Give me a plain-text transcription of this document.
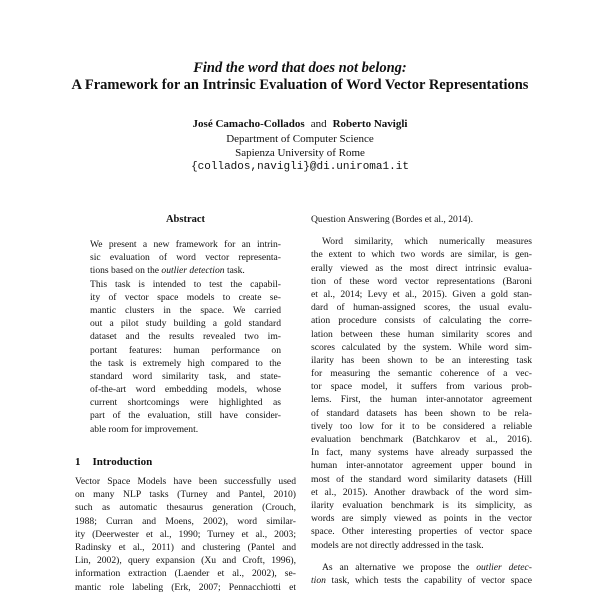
Find the word that does not belong:
A Framework for an Intrinsic Evaluation of Word Vector Representations
José Camacho-Collados and Roberto Navigli
Department of Computer Science
Sapienza University of Rome
{collados,navigli}@di.uniroma1.it
Abstract
We present a new framework for an intrin-
sic evaluation of word vector representa-
tions based on the outlier detection task.
This task is intended to test the capabil-
ity of vector space models to create se-
mantic clusters in the space. We carried
out a pilot study building a gold standard
dataset and the results revealed two im-
portant features: human performance on
the task is extremely high compared to the
standard word similarity task, and state-
of-the-art word embedding models, whose
current shortcomings were highlighted as
part of the evaluation, still have consider-
able room for improvement.
1 Introduction
Vector Space Models have been successfully used
on many NLP tasks (Turney and Pantel, 2010)
such as automatic thesaurus generation (Crouch,
1988; Curran and Moens, 2002), word similar-
ity (Deerwester et al., 1990; Turney et al., 2003;
Radinsky et al., 2011) and clustering (Pantel and
Lin, 2002), query expansion (Xu and Croft, 1996),
information extraction (Laender et al., 2002), se-
mantic role labeling (Erk, 2007; Pennacchiotti et
Question Answering (Bordes et al., 2014).
Word similarity, which numerically measures
the extent to which two words are similar, is gen-
erally viewed as the most direct intrinsic evalua-
tion of these word vector representations (Baroni
et al., 2014; Levy et al., 2015). Given a gold stan-
dard of human-assigned scores, the usual evalu-
ation procedure consists of calculating the corre-
lation between these human similarity scores and
scores calculated by the system. While word sim-
ilarity has been shown to be an interesting task
for measuring the semantic coherence of a vec-
tor space model, it suffers from various prob-
lems. First, the human inter-annotator agreement
of standard datasets has been shown to be rela-
tively too low for it to be considered a reliable
evaluation benchmark (Batchkarov et al., 2016).
In fact, many systems have already surpassed the
human inter-annotator agreement upper bound in
most of the standard word similarity datasets (Hill
et al., 2015). Another drawback of the word sim-
ilarity evaluation benchmark is its simplicity, as
words are simply viewed as points in the vector
space. Other interesting properties of vector space
models are not directly addressed in the task.
As an alternative we propose the outlier detec-
tion task, which tests the capability of vector space
